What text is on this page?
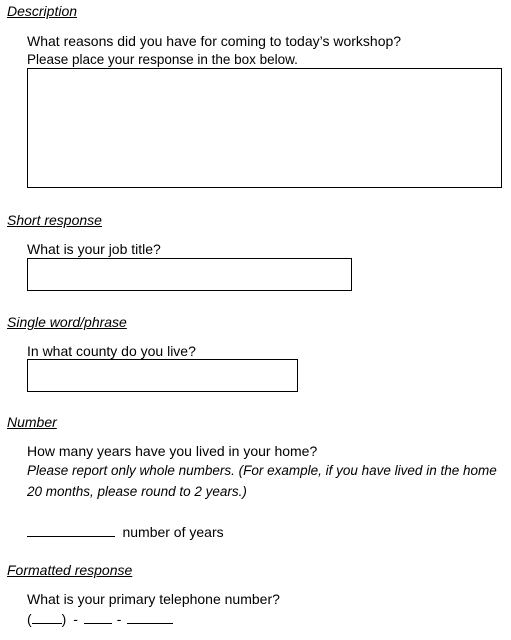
Description
What reasons did you have for coming to today’s workshop?
Please place your response in the box below.
Short response
What is your job title?
Single word/phrase
In what county do you live?
Number
How many years have you lived in your home?
Please report only whole numbers. (For example, if you have lived in the home 20 months, please round to 2 years.)
number of years
Formatted response
What is your primary telephone number?
( ) -	-
